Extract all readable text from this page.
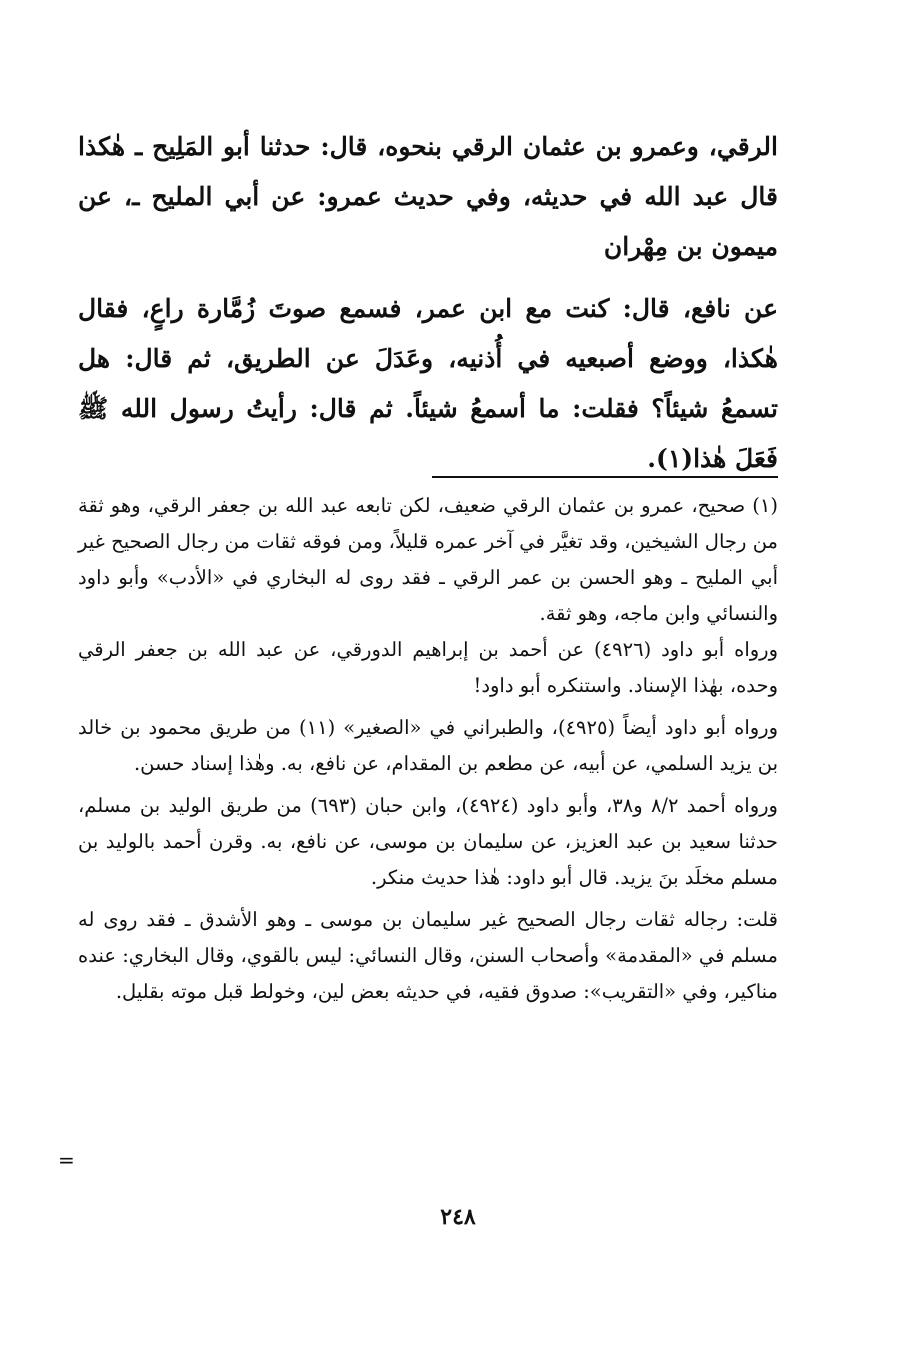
الرقي، وعمرو بن عثمان الرقي بنحوه، قال: حدثنا أبو المَلِيح ـ هٰكذا قال عبد الله في حديثه، وفي حديث عمرو: عن أبي المليح ـ، عن ميمون بن مِهْران

عن نافع، قال: كنت مع ابن عمر، فسمع صوتَ زُمَّارة راعٍ، فقال هٰكذا، ووضع أصبعيه في أُذنيه، وعَدَلَ عن الطريق، ثم قال: هل تسمعُ شيئاً؟ فقلت: ما أسمعُ شيئاً. ثم قال: رأيتُ رسول الله ﷺ فَعَلَ هٰذا(١).

(١) صحيح، عمرو بن عثمان الرقي ضعيف، لكن تابعه عبد الله بن جعفر الرقي، وهو ثقة من رجال الشيخين، وقد تغيَّر في آخر عمره قليلاً، ومن فوقه ثقات من رجال الصحيح غير أبي المليح ـ وهو الحسن بن عمر الرقي ـ فقد روى له البخاري في «الأدب» وأبو داود والنسائي وابن ماجه، وهو ثقة.

ورواه أبو داود (٤٩٢٦) عن أحمد بن إبراهيم الدورقي، عن عبد الله بن جعفر الرقي وحده، بهٰذا الإسناد. واستنكره أبو داود!

ورواه أبو داود أيضاً (٤٩٢٥)، والطبراني في «الصغير» (١١) من طريق محمود بن خالد بن يزيد السلمي، عن أبيه، عن مطعم بن المقدام، عن نافع، به. وهٰذا إسناد حسن.

ورواه أحمد ٨/٢ و٣٨، وأبو داود (٤٩٢٤)، وابن حبان (٦٩٣) من طريق الوليد بن مسلم، حدثنا سعيد بن عبد العزيز، عن سليمان بن موسى، عن نافع، به. وقرن أحمد بالوليد بن مسلم مخلَد بنَ يزيد. قال أبو داود: هٰذا حديث منكر.

قلت: رجاله ثقات رجال الصحيح غير سليمان بن موسى ـ وهو الأشدق ـ فقد روى له مسلم في «المقدمة» وأصحاب السنن، وقال النسائي: ليس بالقوي، وقال البخاري: عنده مناكير، وفي «التقريب»: صدوق فقيه، في حديثه بعض لين، وخولط قبل موته بقليل.

=
٢٤٨
